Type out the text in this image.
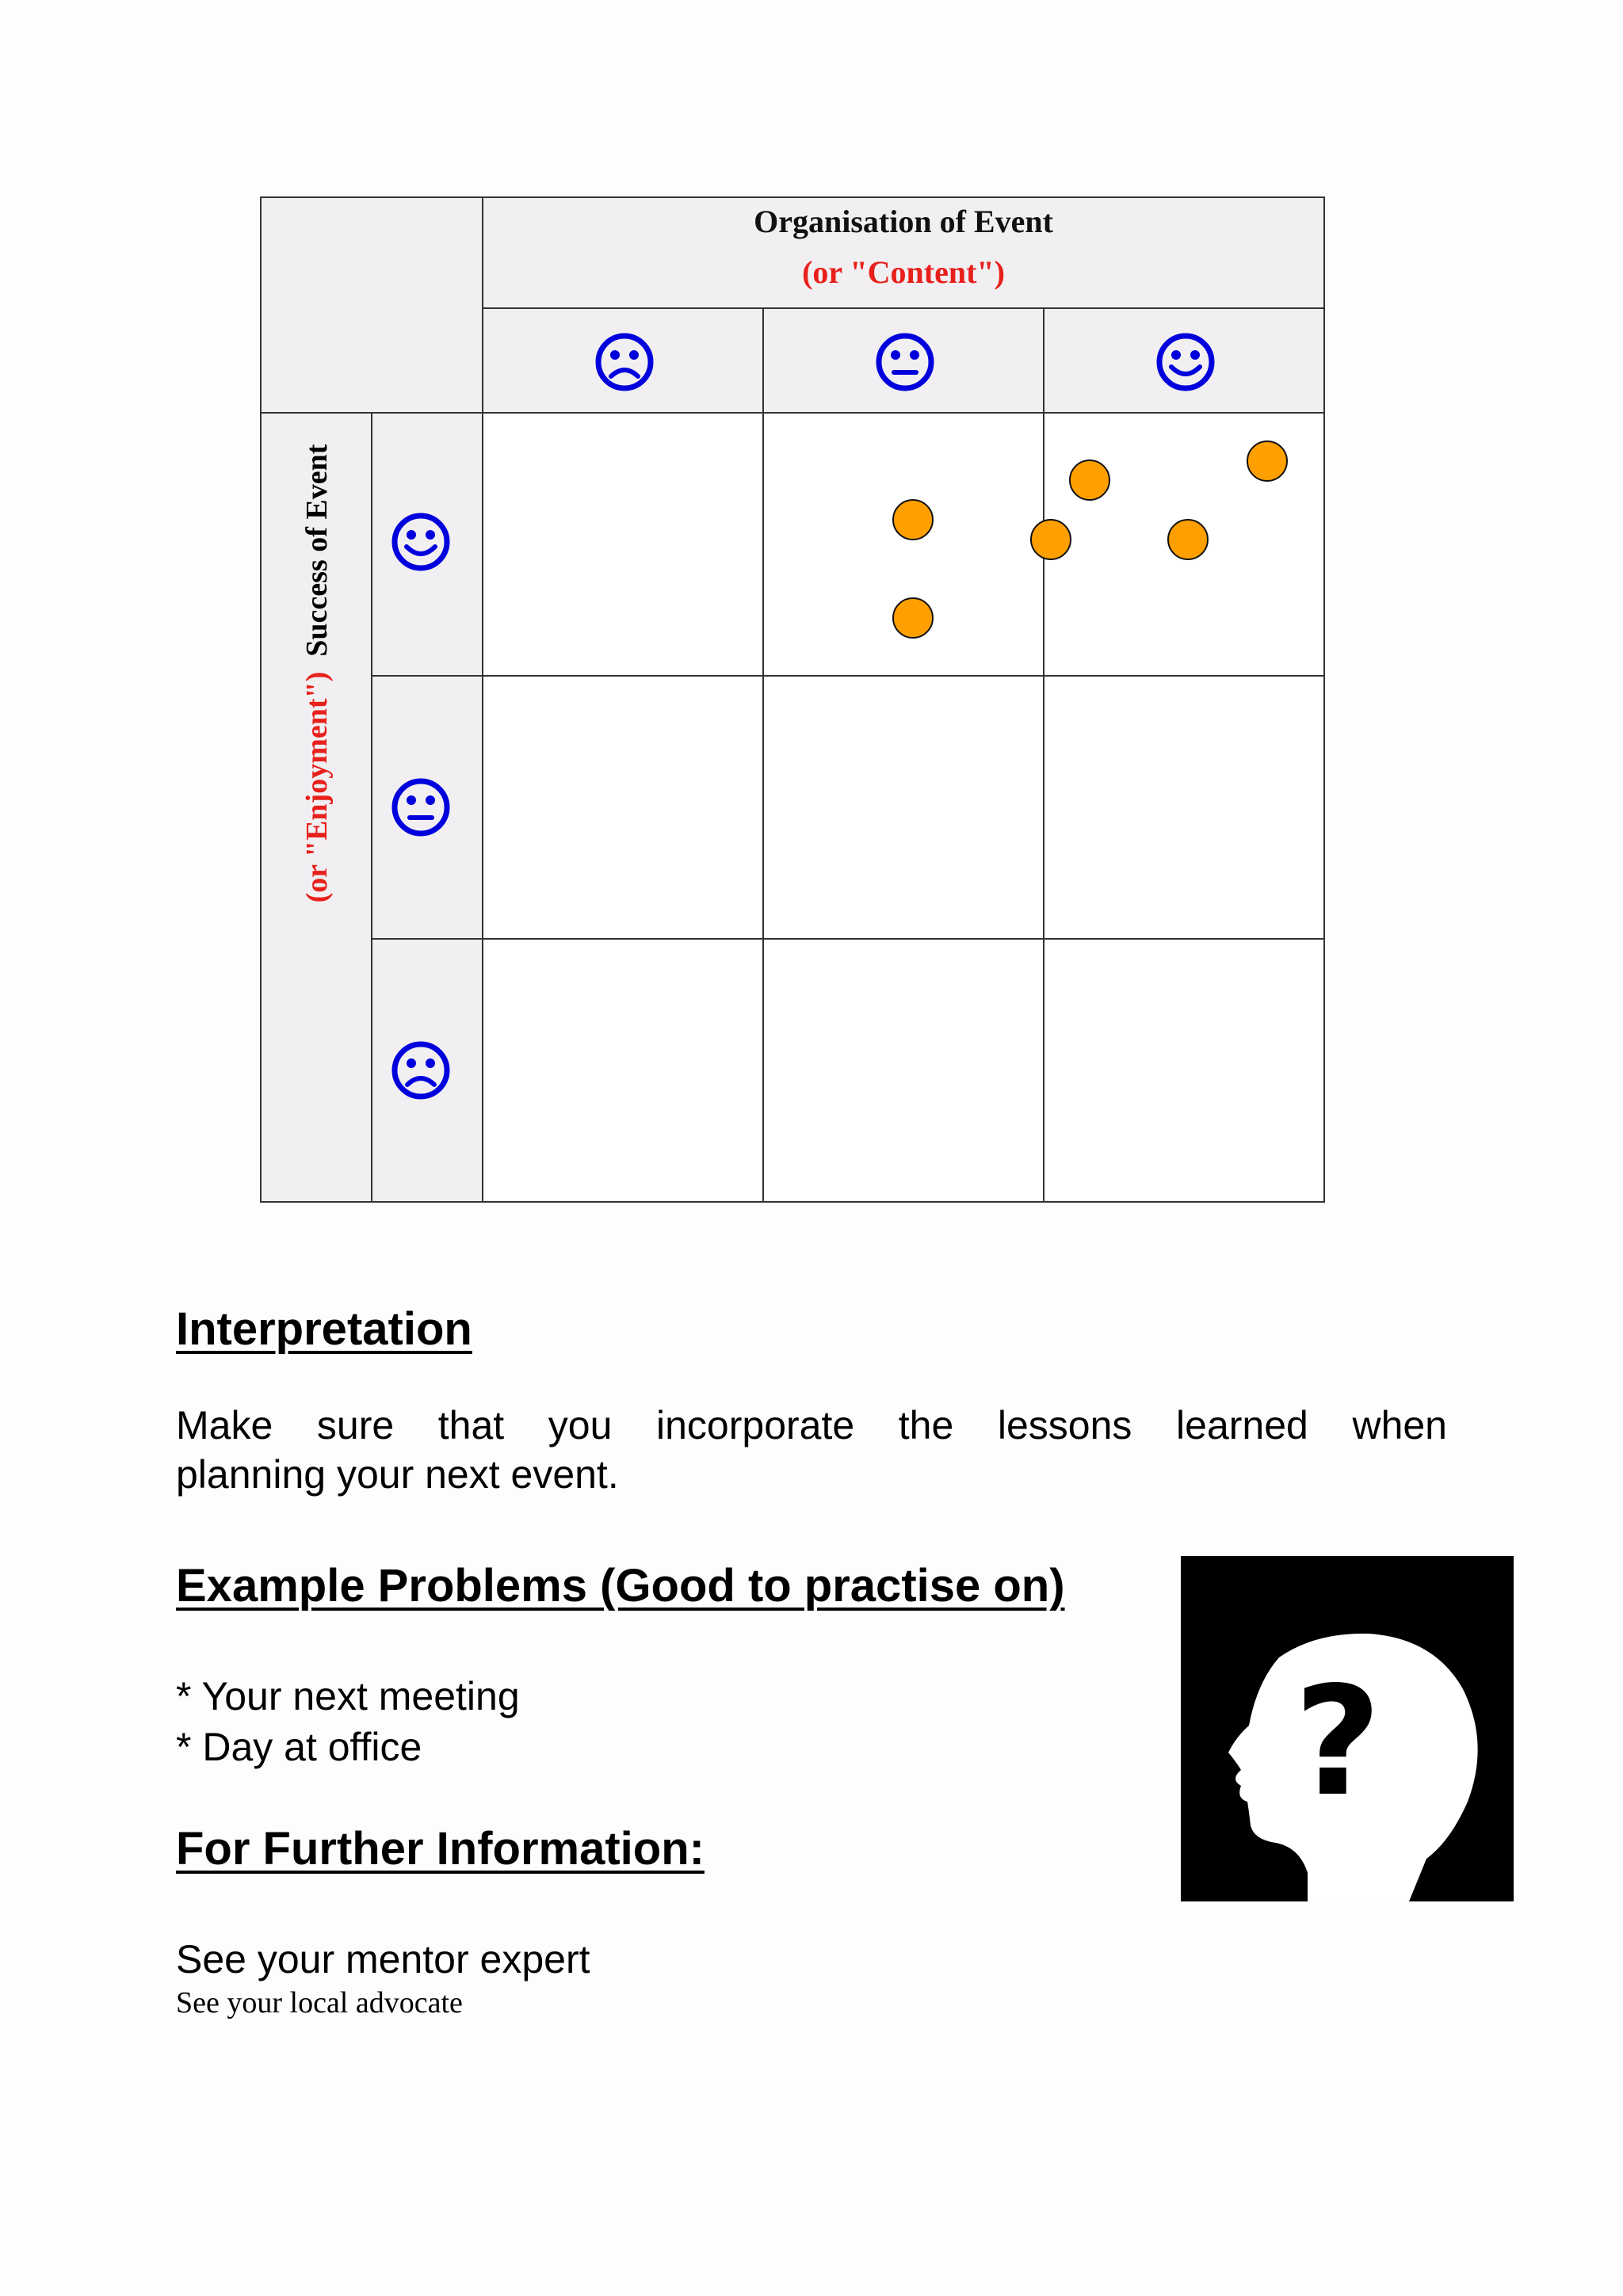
Organisation of Event
(or "Content")
(or "Enjoyment")  Success of Event
Interpretation
Make sure that you incorporate the lessons learned when
planning your next event.
Example Problems (Good to practise on)
* Your next meeting
* Day at office
For Further Information:
See your mentor expert
See your local advocate
?
